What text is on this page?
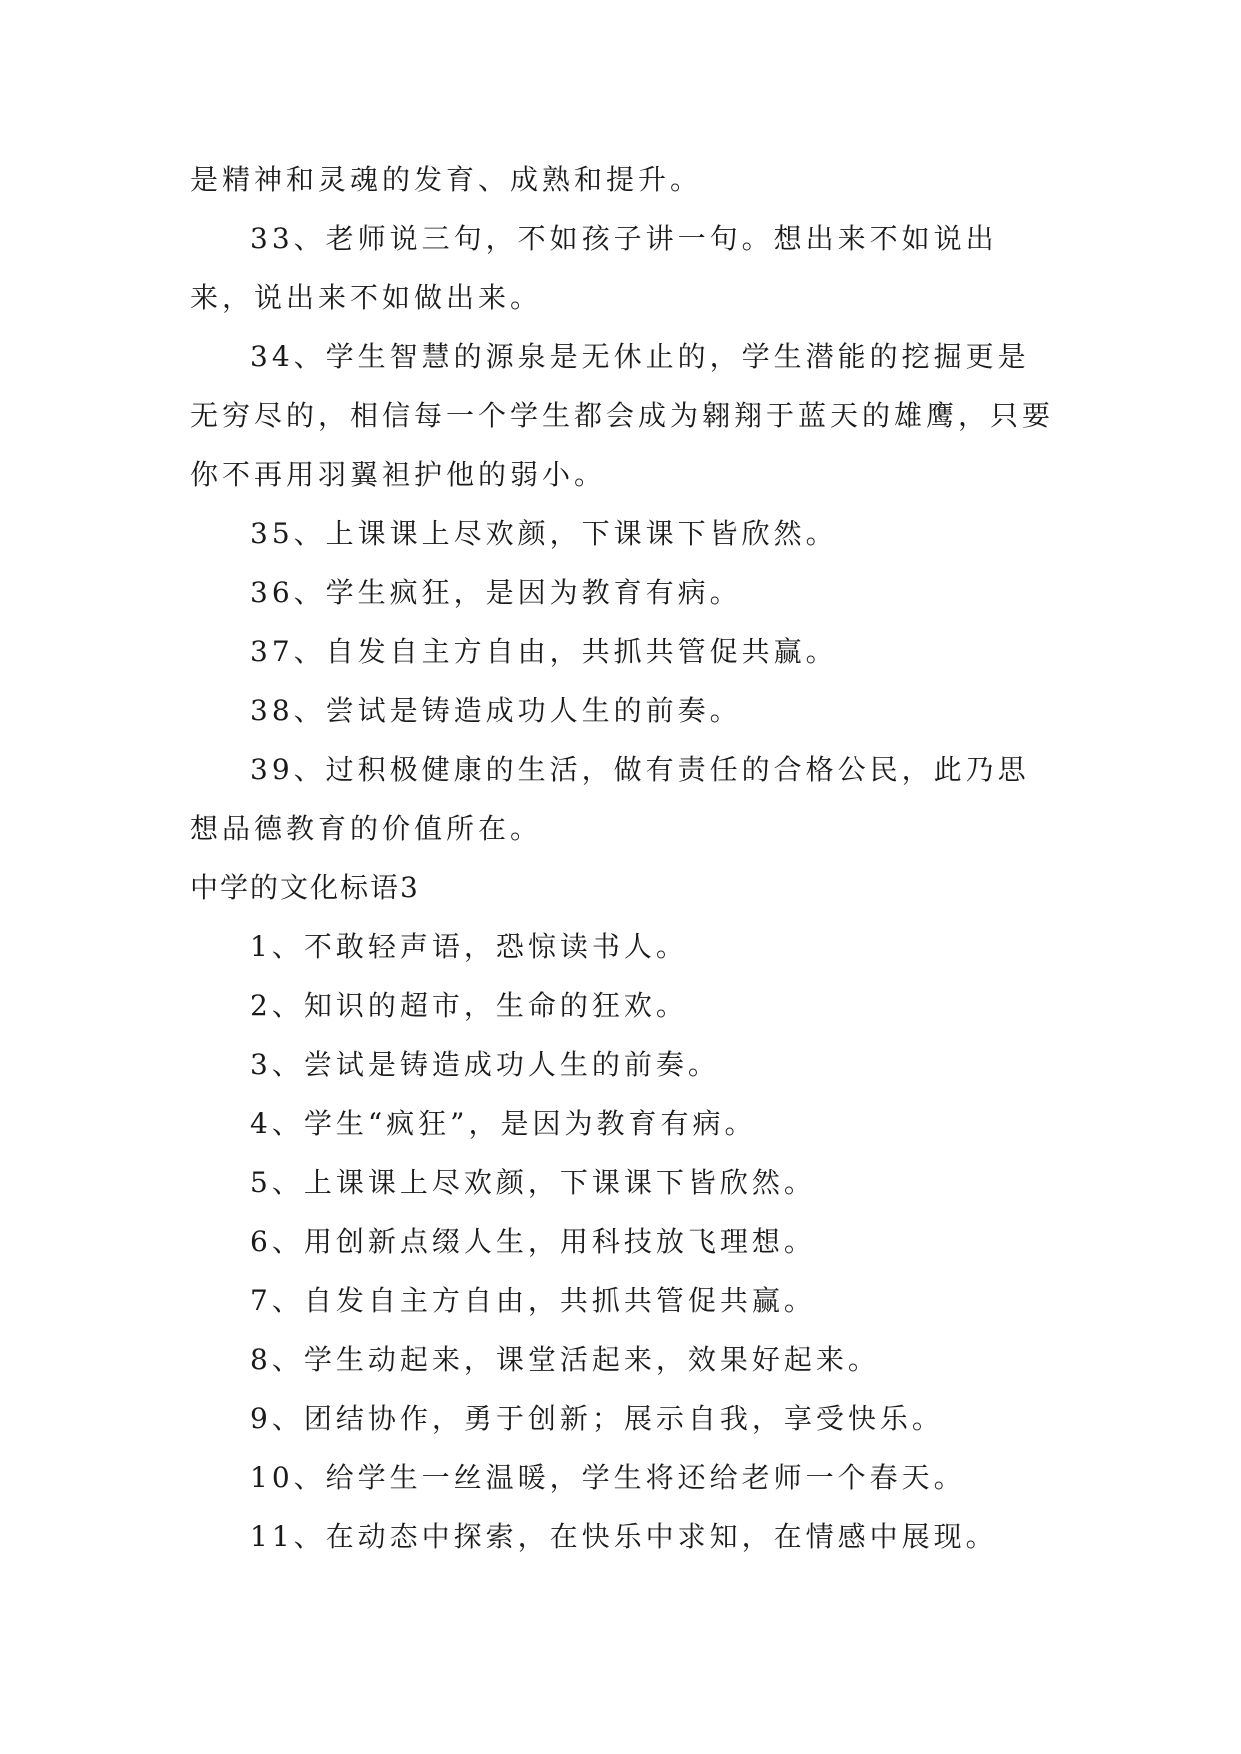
是精神和灵魂的发育、成熟和提升。

33、老师说三句，不如孩子讲一句。想出来不如说出来，说出来不如做出来。

34、学生智慧的源泉是无休止的，学生潜能的挖掘更是无穷尽的，相信每一个学生都会成为翱翔于蓝天的雄鹰，只要你不再用羽翼袒护他的弱小。

35、上课课上尽欢颜，下课课下皆欣然。

36、学生疯狂，是因为教育有病。

37、自发自主方自由，共抓共管促共赢。

38、尝试是铸造成功人生的前奏。

39、过积极健康的生活，做有责任的合格公民，此乃思想品德教育的价值所在。

中学的文化标语3

1、不敢轻声语，恐惊读书人。

2、知识的超市，生命的狂欢。

3、尝试是铸造成功人生的前奏。

4、学生“疯狂”，是因为教育有病。

5、上课课上尽欢颜，下课课下皆欣然。

6、用创新点缀人生，用科技放飞理想。

7、自发自主方自由，共抓共管促共赢。

8、学生动起来，课堂活起来，效果好起来。

9、团结协作，勇于创新；展示自我，享受快乐。

10、给学生一丝温暖，学生将还给老师一个春天。

11、在动态中探索，在快乐中求知，在情感中展现。
